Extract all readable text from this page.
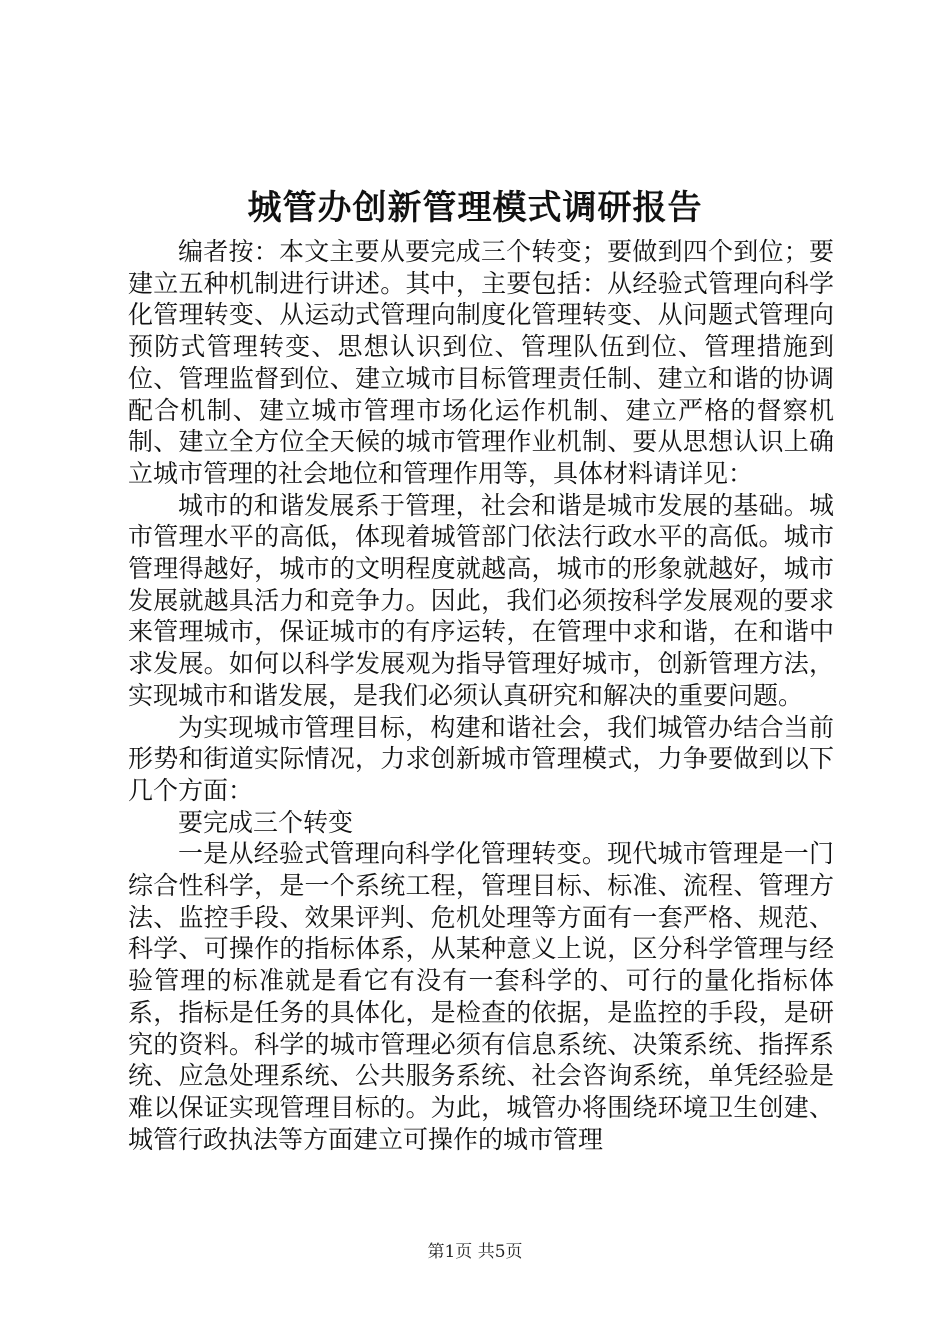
城管办创新管理模式调研报告

编者按：本文主要从要完成三个转变；要做到四个到位；要建立五种机制进行讲述。其中，主要包括：从经验式管理向科学化管理转变、从运动式管理向制度化管理转变、从问题式管理向预防式管理转变、思想认识到位、管理队伍到位、管理措施到位、管理监督到位、建立城市目标管理责任制、建立和谐的协调配合机制、建立城市管理市场化运作机制、建立严格的督察机制、建立全方位全天候的城市管理作业机制、要从思想认识上确立城市管理的社会地位和管理作用等，具体材料请详见：

城市的和谐发展系于管理，社会和谐是城市发展的基础。城市管理水平的高低，体现着城管部门依法行政水平的高低。城市管理得越好，城市的文明程度就越高，城市的形象就越好，城市发展就越具活力和竞争力。因此，我们必须按科学发展观的要求来管理城市，保证城市的有序运转，在管理中求和谐，在和谐中求发展。如何以科学发展观为指导管理好城市，创新管理方法，实现城市和谐发展，是我们必须认真研究和解决的重要问题。

为实现城市管理目标，构建和谐社会，我们城管办结合当前形势和街道实际情况，力求创新城市管理模式，力争要做到以下几个方面：

要完成三个转变

一是从经验式管理向科学化管理转变。现代城市管理是一门综合性科学，是一个系统工程，管理目标、标准、流程、管理方法、监控手段、效果评判、危机处理等方面有一套严格、规范、科学、可操作的指标体系，从某种意义上说，区分科学管理与经验管理的标准就是看它有没有一套科学的、可行的量化指标体系，指标是任务的具体化，是检查的依据，是监控的手段，是研究的资料。科学的城市管理必须有信息系统、决策系统、指挥系统、应急处理系统、公共服务系统、社会咨询系统，单凭经验是难以保证实现管理目标的。为此，城管办将围绕环境卫生创建、城管行政执法等方面建立可操作的城市管理

第1页 共5页
